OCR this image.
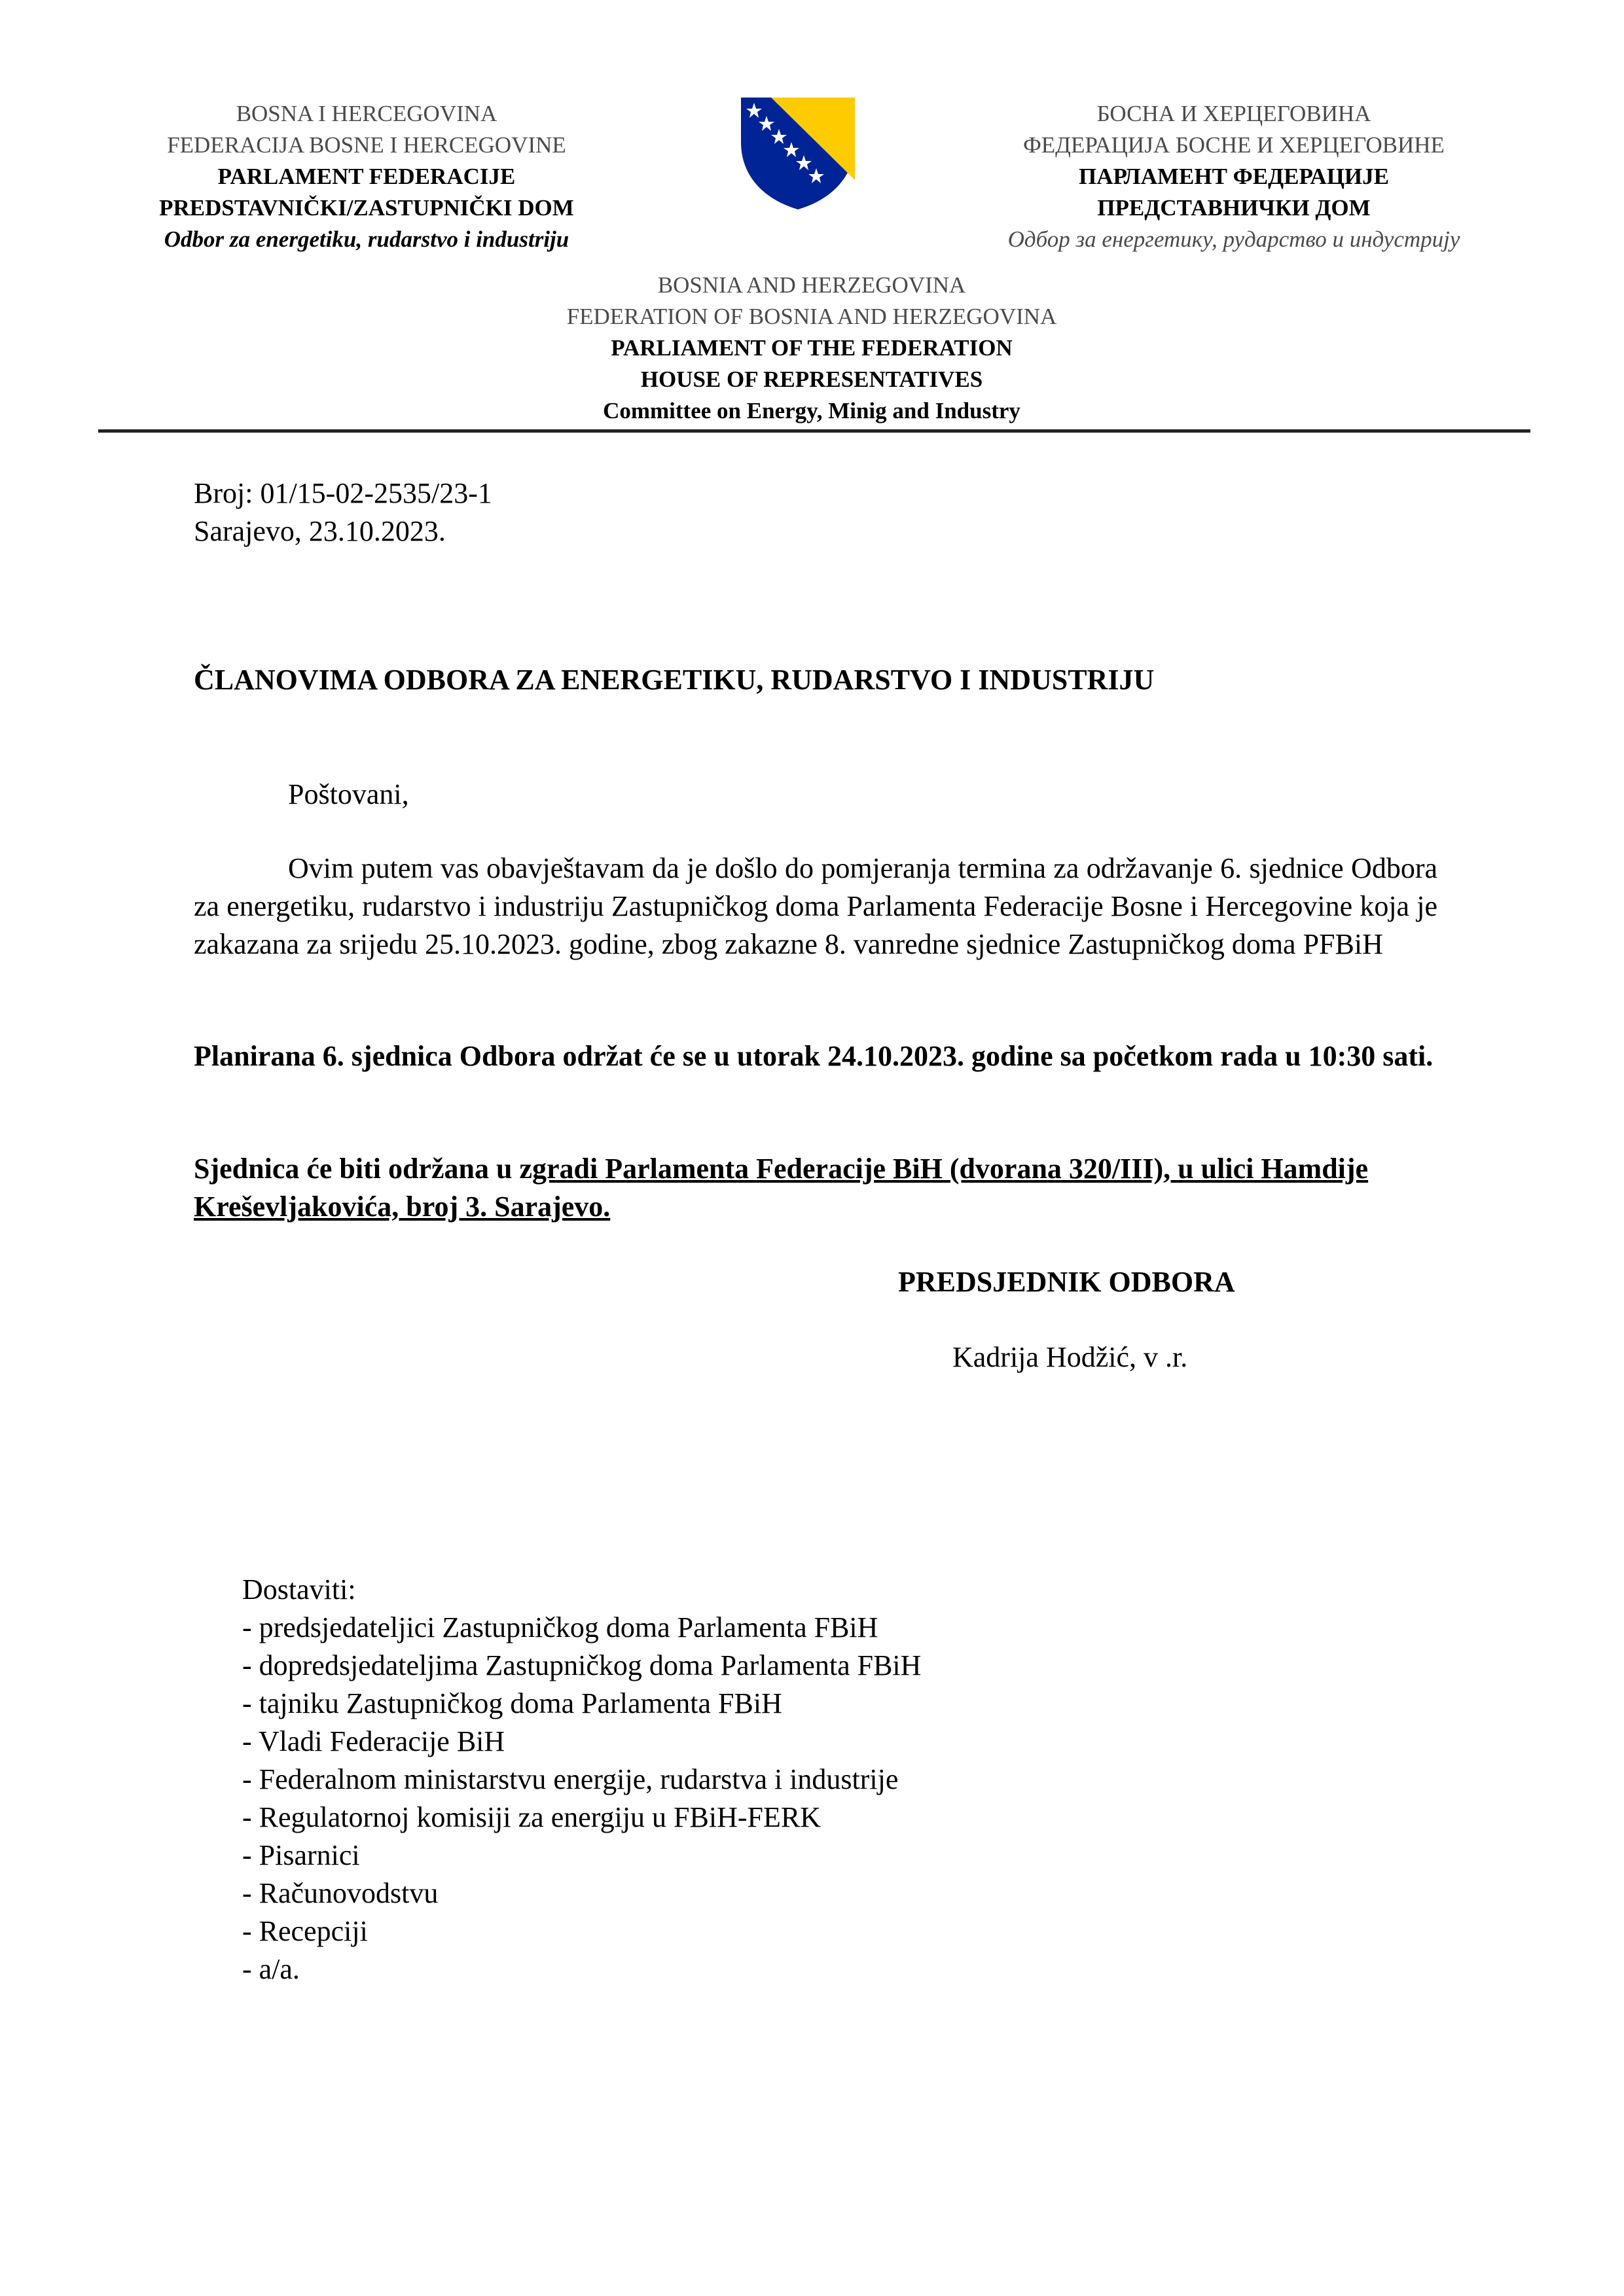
BOSNA I HERCEGOVINA
FEDERACIJA BOSNE I HERCEGOVINE
PARLAMENT FEDERACIJE
PREDSTAVNIČKI/ZASTUPNIČKI DOM
Odbor za energetiku, rudarstvo i industriju
БОСНА И ХЕРЦЕГОВИНА
ФЕДЕРАЦИЈА БОСНЕ И ХЕРЦЕГОВИНЕ
ПАРЛАМЕНТ ФЕДЕРАЦИЈЕ
ПРЕДСТАВНИЧКИ ДОМ
Одбор за енергетику, рударство и индустрију
BOSNIA AND HERZEGOVINA
FEDERATION OF BOSNIA AND HERZEGOVINA
PARLIAMENT OF THE FEDERATION
HOUSE OF REPRESENTATIVES
Committee on Energy, Minig and Industry
Broj: 01/15-02-2535/23-1
Sarajevo, 23.10.2023.
ČLANOVIMA ODBORA ZA ENERGETIKU, RUDARSTVO I INDUSTRIJU
Poštovani,
Ovim putem vas obavještavam da je došlo do pomjeranja termina za održavanje 6. sjednice Odbora za energetiku, rudarstvo i industriju Zastupničkog doma Parlamenta Federacije Bosne i Hercegovine koja je zakazana za srijedu 25.10.2023. godine, zbog zakazne 8. vanredne sjednice Zastupničkog doma PFBiH
Planirana 6. sjednica Odbora održat će se u utorak 24.10.2023. godine sa početkom rada u 10:30 sati.
Sjednica će biti održana u zgradi Parlamenta Federacije BiH (dvorana 320/III), u ulici Hamdije Kreševljakovića, broj 3. Sarajevo.
PREDSJEDNIK ODBORA
Kadrija Hodžić, v .r.
Dostaviti:
- predsjedateljici Zastupničkog doma Parlamenta FBiH
- dopredsjedateljima Zastupničkog doma Parlamenta FBiH
- tajniku Zastupničkog doma Parlamenta FBiH
- Vladi Federacije BiH
- Federalnom ministarstvu energije, rudarstva i industrije
- Regulatornoj komisiji za energiju u FBiH-FERK
- Pisarnici
- Računovodstvu
- Recepciji
- a/a.
